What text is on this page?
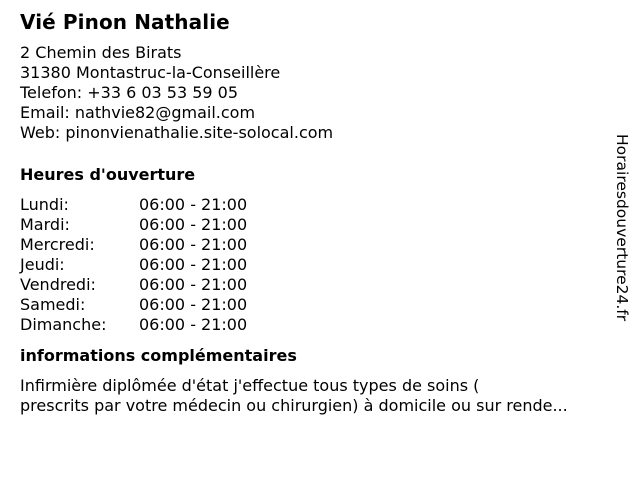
Vié Pinon Nathalie
2 Chemin des Birats
31380 Montastruc-la-Conseillère
Telefon: +33 6 03 53 59 05
Email: nathvie82@gmail.com
Web: pinonvienathalie.site-solocal.com
Heures d'ouverture
Lundi:	06:00 - 21:00
Mardi:	06:00 - 21:00
Mercredi:	06:00 - 21:00
Jeudi:	06:00 - 21:00
Vendredi:	06:00 - 21:00
Samedi:	06:00 - 21:00
Dimanche:	06:00 - 21:00
informations complémentaires
Infirmière diplômée d'état j'effectue tous types de soins (
prescrits par votre médecin ou chirurgien) à domicile ou sur rende...
Horairesdouverture24.fr
